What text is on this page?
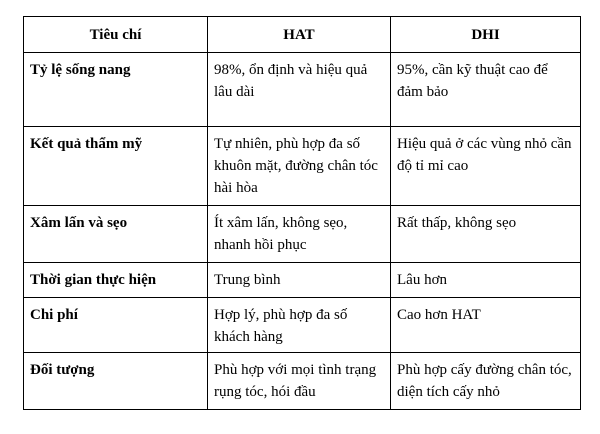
Tiêu chí	HAT	DHI
Tỷ lệ sống nang	98%, ổn định và hiệu quả lâu dài	95%, cần kỹ thuật cao để đảm bảo
Kết quả thẩm mỹ	Tự nhiên, phù hợp đa số khuôn mặt, đường chân tóc hài hòa	Hiệu quả ở các vùng nhỏ cần độ tỉ mỉ cao
Xâm lấn và sẹo	Ít xâm lấn, không sẹo, nhanh hồi phục	Rất thấp, không sẹo
Thời gian thực hiện	Trung bình	Lâu hơn
Chi phí	Hợp lý, phù hợp đa số khách hàng	Cao hơn HAT
Đối tượng	Phù hợp với mọi tình trạng rụng tóc, hói đầu	Phù hợp cấy đường chân tóc, diện tích cấy nhỏ
